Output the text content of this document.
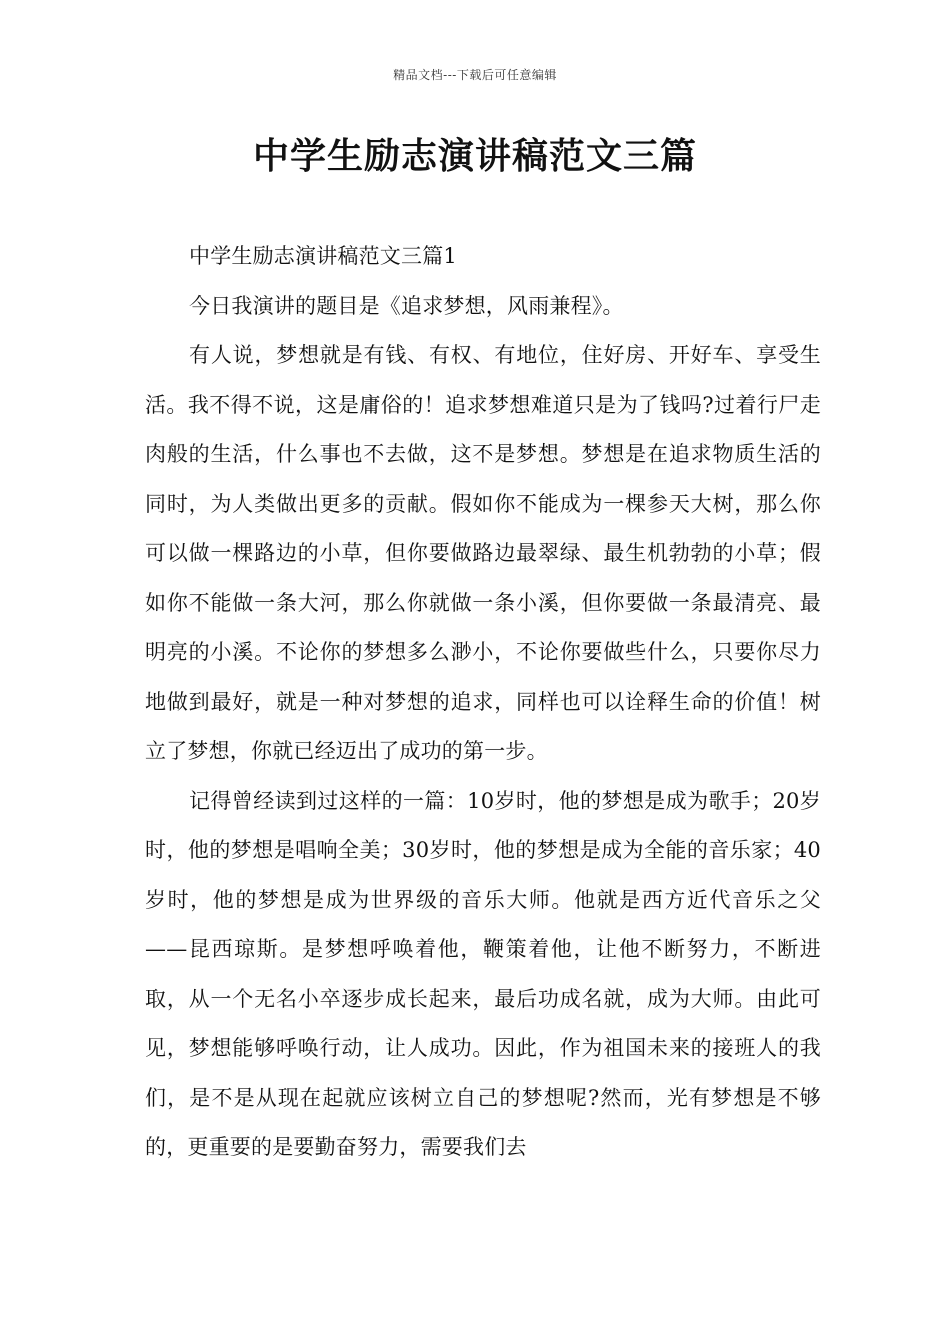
精品文档---下载后可任意编辑
中学生励志演讲稿范文三篇

中学生励志演讲稿范文三篇1

今日我演讲的题目是《追求梦想，风雨兼程》。

有人说，梦想就是有钱、有权、有地位，住好房、开好车、享受生活。我不得不说，这是庸俗的！追求梦想难道只是为了钱吗?过着行尸走肉般的生活，什么事也不去做，这不是梦想。梦想是在追求物质生活的同时，为人类做出更多的贡献。假如你不能成为一棵参天大树，那么你可以做一棵路边的小草，但你要做路边最翠绿、最生机勃勃的小草；假如你不能做一条大河，那么你就做一条小溪，但你要做一条最清亮、最明亮的小溪。不论你的梦想多么渺小，不论你要做些什么，只要你尽力地做到最好，就是一种对梦想的追求，同样也可以诠释生命的价值！树立了梦想，你就已经迈出了成功的第一步。

记得曾经读到过这样的一篇：10岁时，他的梦想是成为歌手；20岁时，他的梦想是唱响全美；30岁时，他的梦想是成为全能的音乐家；40岁时，他的梦想是成为世界级的音乐大师。他就是西方近代音乐之父——昆西琼斯。是梦想呼唤着他，鞭策着他，让他不断努力，不断进取，从一个无名小卒逐步成长起来，最后功成名就，成为大师。由此可见，梦想能够呼唤行动，让人成功。因此，作为祖国未来的接班人的我们，是不是从现在起就应该树立自己的梦想呢?然而，光有梦想是不够的，更重要的是要勤奋努力，需要我们去
